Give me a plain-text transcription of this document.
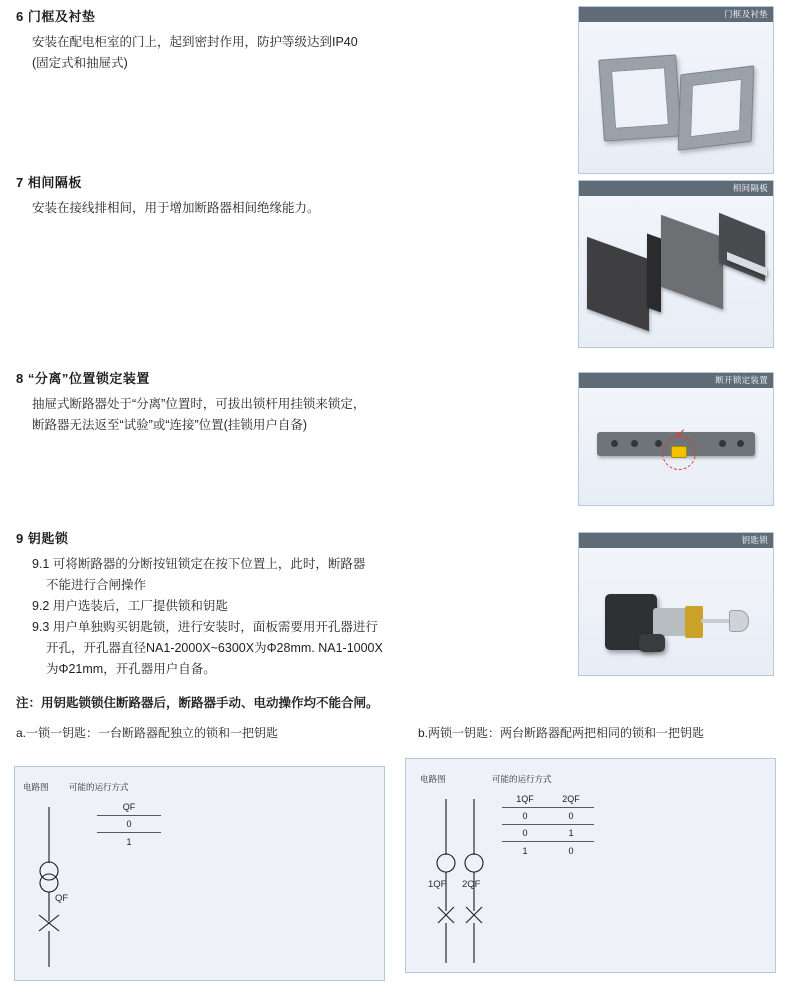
6 门框及衬垫
安装在配电柜室的门上，起到密封作用，防护等级达到IP40
(固定式和抽屉式)
7 相间隔板
安装在接线排相间，用于增加断路器相间绝缘能力。
8 “分离”位置锁定装置
抽屉式断路器处于“分离”位置时，可拔出锁杆用挂锁来锁定，
断路器无法返至“试验”或“连接”位置(挂锁用户自备)
9 钥匙锁
9.1 可将断路器的分断按钮锁定在按下位置上，此时，断路器
不能进行合闸操作
9.2 用户选装后，工厂提供锁和钥匙
9.3 用户单独购买钥匙锁，进行安装时，面板需要用开孔器进行
开孔，开孔器直径NA1-2000X~6300X为Φ28mm. NA1-1000X
为Φ21mm，开孔器用户自备。
注：用钥匙锁锁住断路器后，断路器手动、电动操作均不能合闸。
门框及衬垫
相间隔板
断开锁定装置
↙
钥匙锁
a.一锁一钥匙：一台断路器配独立的锁和一把钥匙	b.两锁一钥匙：两台断路器配两把相同的锁和一把钥匙
电路图 可能的运行方式
QF
0
1
QF
电路图	可能的运行方式
1QF	2QF
0	0
0	1
1	0
1QF 2QF
